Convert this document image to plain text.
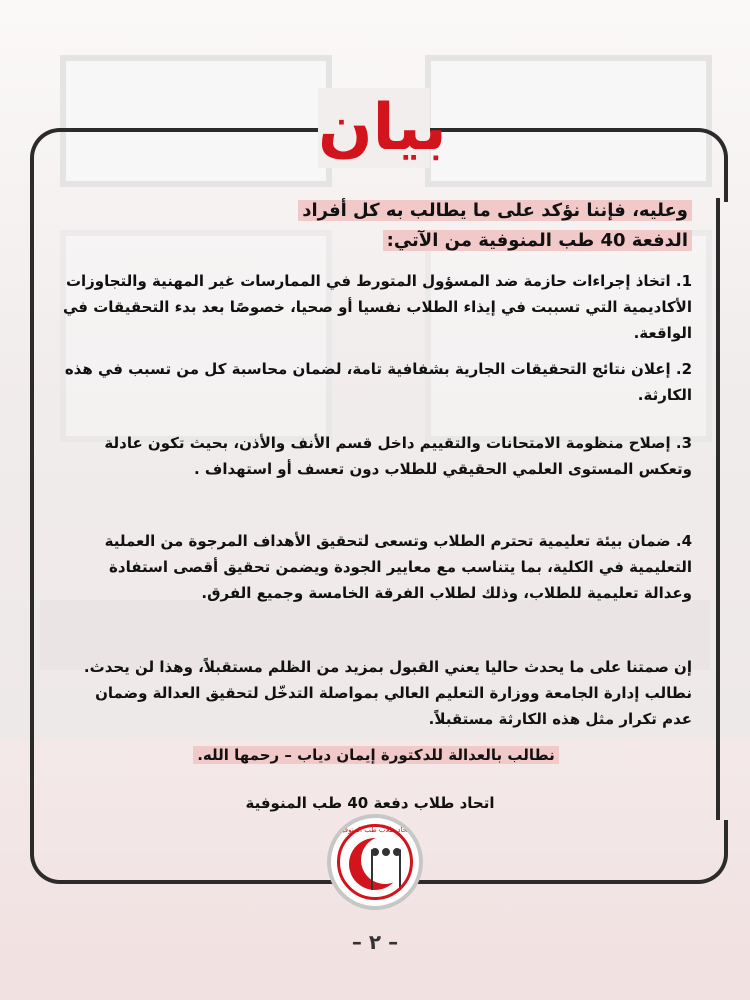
بيان
وعليه، فإننا نؤكد على ما يطالب به كل أفراد
الدفعة 40 طب المنوفية من الآتي:
1. اتخاذ إجراءات حازمة ضد المسؤول المتورط في الممارسات غير المهنية والتجاوزات الأكاديمية التي تسببت في إيذاء الطلاب نفسيا أو صحيا، خصوصًا بعد بدء التحقيقات في الواقعة.
2. إعلان نتائج التحقيقات الجارية بشفافية تامة، لضمان محاسبة كل من تسبب في هذه الكارثة.
3. إصلاح منظومة الامتحانات والتقييم داخل قسم الأنف والأذن، بحيث تكون عادلة وتعكس المستوى العلمي الحقيقي للطلاب دون تعسف أو استهداف .
4. ضمان بيئة تعليمية تحترم الطلاب وتسعى لتحقيق الأهداف المرجوة من العملية التعليمية في الكلية، بما يتناسب مع معايير الجودة ويضمن تحقيق أقصى استفادة وعدالة تعليمية للطلاب، وذلك لطلاب الفرقة الخامسة وجميع الفرق.
إن صمتنا على ما يحدث حاليا يعني القبول بمزيد من الظلم مستقبلاً، وهذا لن يحدث. نطالب إدارة الجامعة ووزارة التعليم العالي بمواصلة التدخّل لتحقيق العدالة وضمان عدم تكرار مثل هذه الكارثة مستقبلاً.
نطالب بالعدالة للدكتورة إيمان دياب – رحمها الله.
اتحاد طلاب دفعة 40 طب المنوفية
اتحاد طلاب طب المنوفية
– ٢ –
